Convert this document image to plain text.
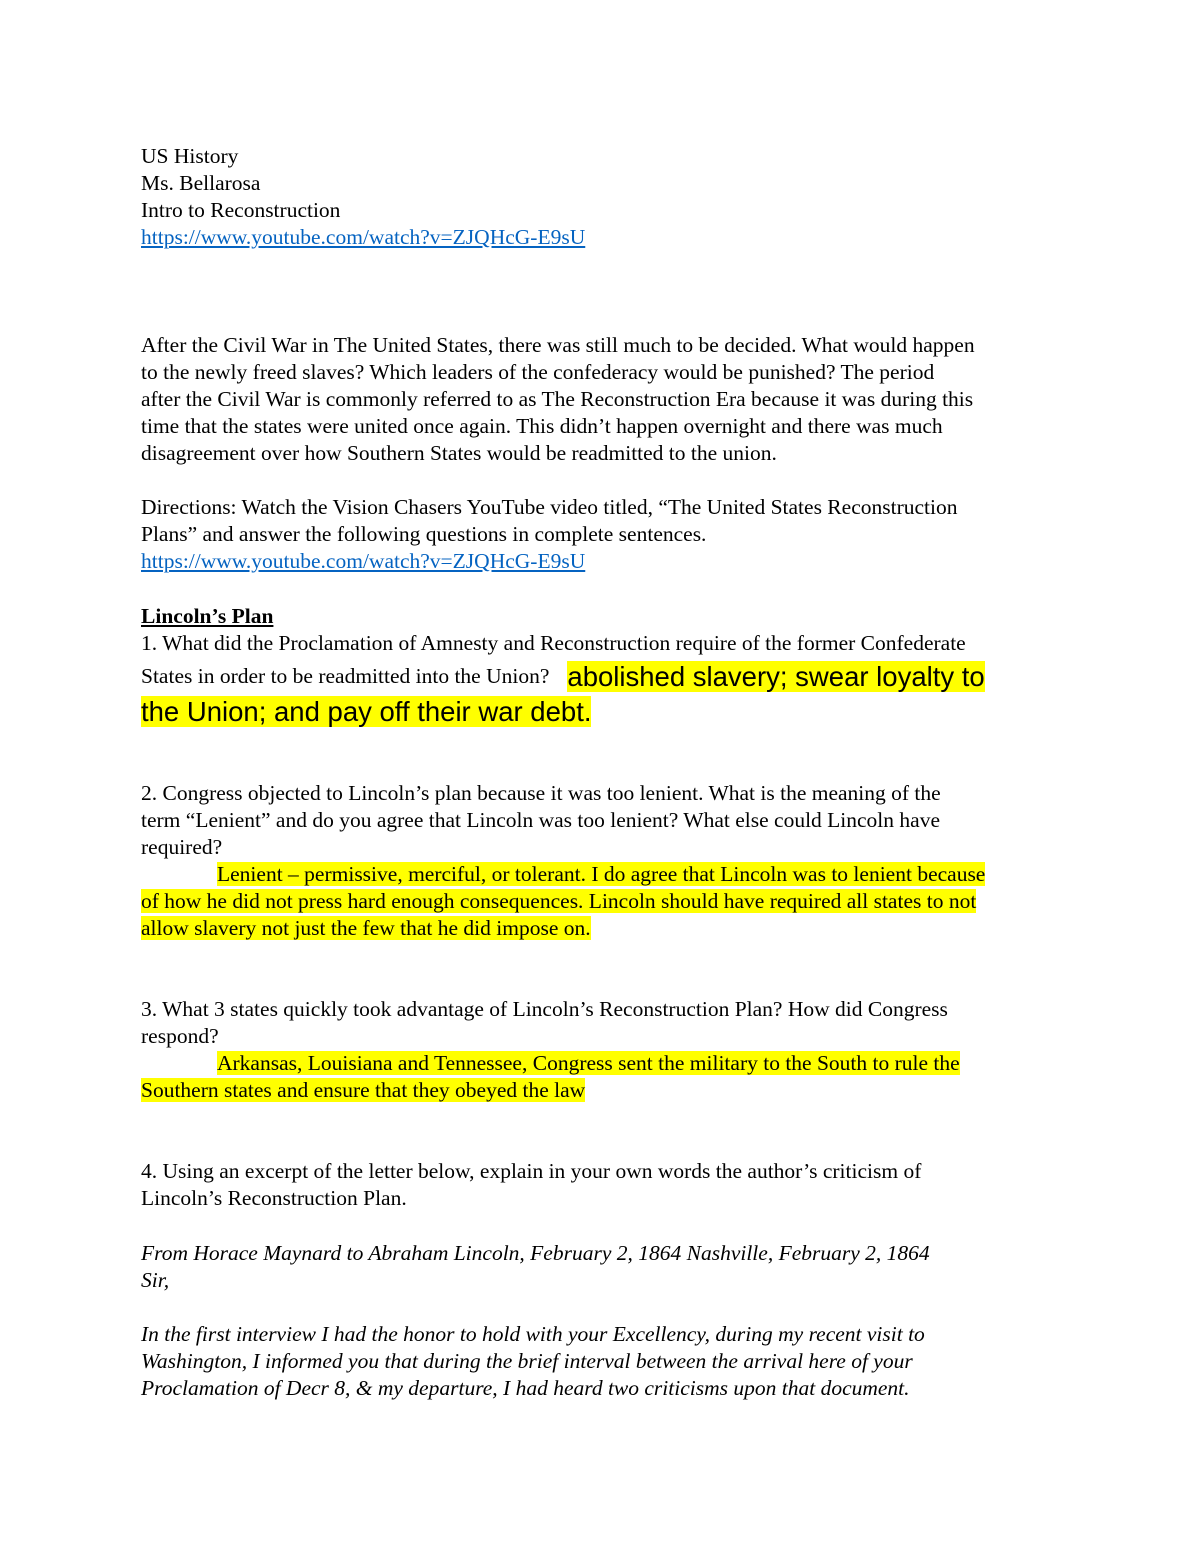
US History
Ms. Bellarosa
Intro to Reconstruction
https://www.youtube.com/watch?v=ZJQHcG-E9sU
After the Civil War in The United States, there was still much to be decided. What would happen
to the newly freed slaves? Which leaders of the confederacy would be punished? The period
after the Civil War is commonly referred to as The Reconstruction Era because it was during this
time that the states were united once again. This didn’t happen overnight and there was much
disagreement over how Southern States would be readmitted to the union.
Directions: Watch the Vision Chasers YouTube video titled, “The United States Reconstruction
Plans” and answer the following questions in complete sentences.
https://www.youtube.com/watch?v=ZJQHcG-E9sU
Lincoln’s Plan
1. What did the Proclamation of Amnesty and Reconstruction require of the former Confederate
States in order to be readmitted into the Union? abolished slavery; swear loyalty to
the Union; and pay off their war debt.
2. Congress objected to Lincoln’s plan because it was too lenient. What is the meaning of the
term “Lenient” and do you agree that Lincoln was too lenient? What else could Lincoln have
required?
Lenient – permissive, merciful, or tolerant. I do agree that Lincoln was to lenient because
of how he did not press hard enough consequences. Lincoln should have required all states to not
allow slavery not just the few that he did impose on.
3. What 3 states quickly took advantage of Lincoln’s Reconstruction Plan? How did Congress
respond?
Arkansas, Louisiana and Tennessee, Congress sent the military to the South to rule the
Southern states and ensure that they obeyed the law
4. Using an excerpt of the letter below, explain in your own words the author’s criticism of
Lincoln’s Reconstruction Plan.
From Horace Maynard to Abraham Lincoln, February 2, 1864 Nashville, February 2, 1864
Sir,
In the first interview I had the honor to hold with your Excellency, during my recent visit to
Washington, I informed you that during the brief interval between the arrival here of your
Proclamation of Decr 8, & my departure, I had heard two criticisms upon that document.
